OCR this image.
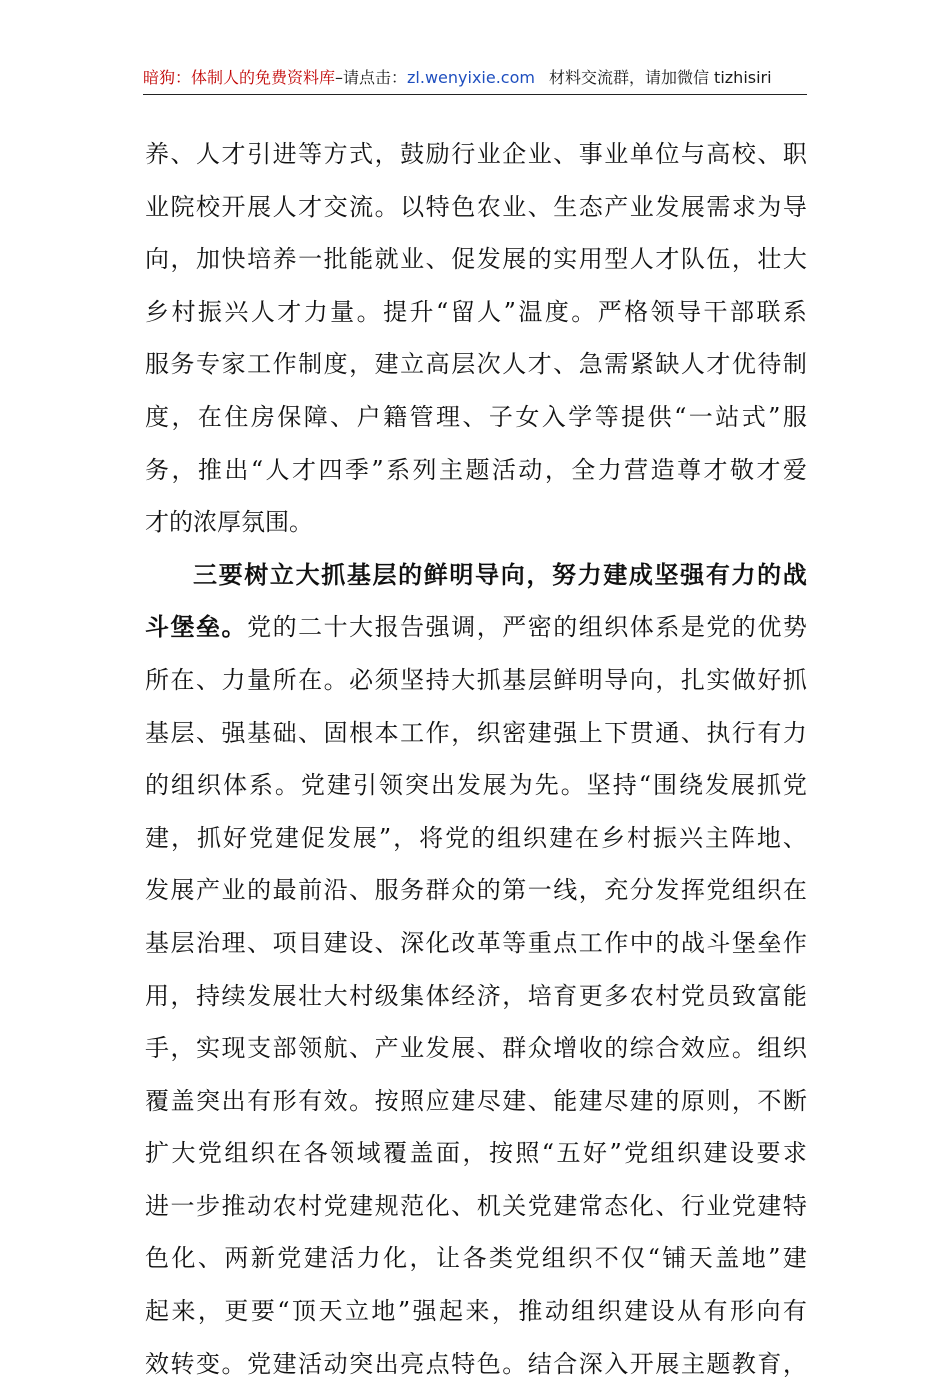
暗狗：体制人的免费资料库–请点击：zl.wenyixie.com 材料交流群，请加微信 tizhisiri
养 、 人 才 引 进 等 方 式 ， 鼓 励 行 业 企 业 、 事 业 单 位 与 高 校 、 职
业 院 校 开 展 人 才 交 流 。 以 特 色 农 业 、 生 态 产 业 发 展 需 求 为 导
向 ， 加 快 培 养 一 批 能 就 业 、 促 发 展 的 实 用 型 人 才 队 伍 ， 壮 大
乡 村 振 兴 人 才 力 量 。 提 升 “ 留 人 ” 温 度 。 严 格 领 导 干 部 联 系
服 务 专 家 工 作 制 度 ， 建 立 高 层 次 人 才 、 急 需 紧 缺 人 才 优 待 制
度 ， 在 住 房 保 障 、 户 籍 管 理 、 子 女 入 学 等 提 供 “ 一 站 式 ” 服
务 ， 推 出 “ 人 才 四 季 ” 系 列 主 题 活 动 ， 全 力 营 造 尊 才 敬 才 爱
才的浓厚氛围。
三 要 树 立 大 抓 基 层 的 鲜 明 导 向 ， 努 力 建 成 坚 强 有 力 的 战
斗 堡 垒 。 党 的 二 十 大 报 告 强 调 ， 严 密 的 组 织 体 系 是 党 的 优 势
所 在 、 力 量 所 在 。 必 须 坚 持 大 抓 基 层 鲜 明 导 向 ， 扎 实 做 好 抓
基 层 、 强 基 础 、 固 根 本 工 作 ， 织 密 建 强 上 下 贯 通 、 执 行 有 力
的 组 织 体 系 。 党 建 引 领 突 出 发 展 为 先 。 坚 持 “ 围 绕 发 展 抓 党
建 ， 抓 好 党 建 促 发 展 ” ， 将 党 的 组 织 建 在 乡 村 振 兴 主 阵 地 、
发 展 产 业 的 最 前 沿 、 服 务 群 众 的 第 一 线 ， 充 分 发 挥 党 组 织 在
基 层 治 理 、 项 目 建 设 、 深 化 改 革 等 重 点 工 作 中 的 战 斗 堡 垒 作
用 ， 持 续 发 展 壮 大 村 级 集 体 经 济 ， 培 育 更 多 农 村 党 员 致 富 能
手 ， 实 现 支 部 领 航 、 产 业 发 展 、 群 众 增 收 的 综 合 效 应 。 组 织
覆 盖 突 出 有 形 有 效 。 按 照 应 建 尽 建 、 能 建 尽 建 的 原 则 ， 不 断
扩 大 党 组 织 在 各 领 域 覆 盖 面 ， 按 照 “ 五 好 ” 党 组 织 建 设 要 求
进 一 步 推 动 农 村 党 建 规 范 化 、 机 关 党 建 常 态 化 、 行 业 党 建 特
色 化 、 两 新 党 建 活 力 化 ， 让 各 类 党 组 织 不 仅 “ 铺 天 盖 地 ” 建
起 来 ， 更 要 “ 顶 天 立 地 ” 强 起 来 ， 推 动 组 织 建 设 从 有 形 向 有
效 转 变 。 党 建 活 动 突 出 亮 点 特 色 。 结 合 深 入 开 展 主 题 教 育 ，
